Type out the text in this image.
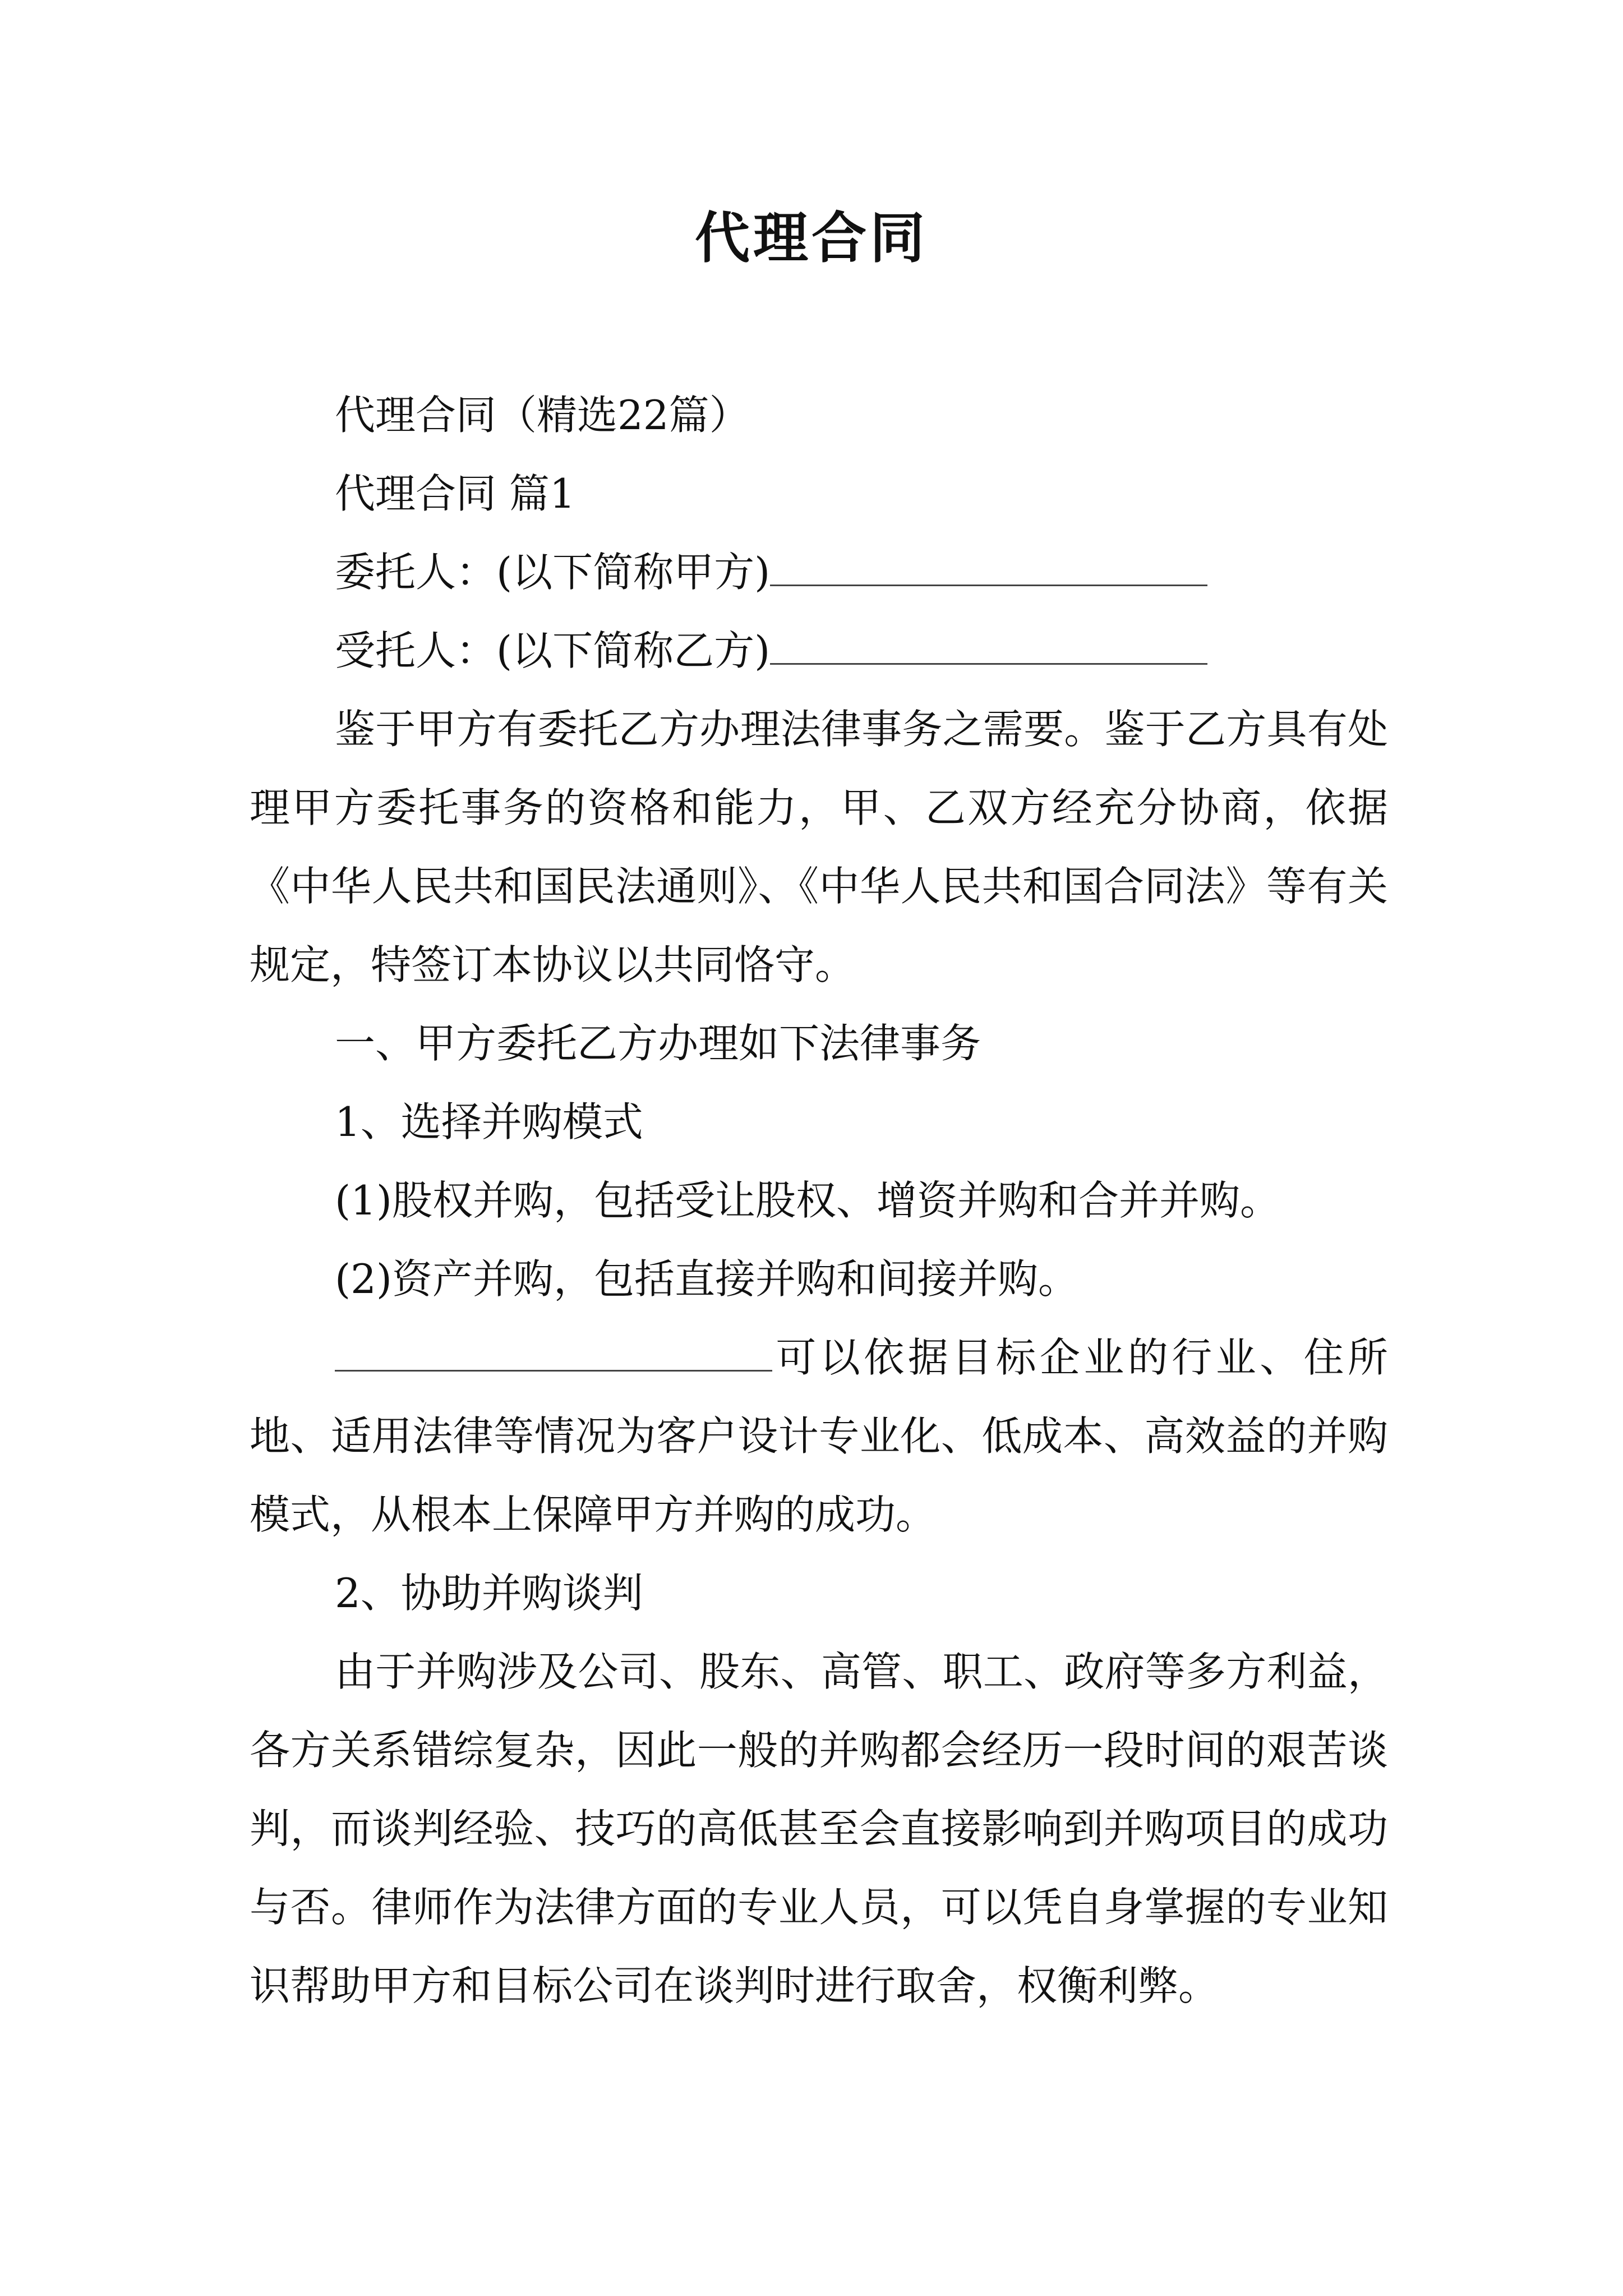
代理合同

代理合同（精选22篇）

代理合同 篇1

委托人：(以下简称甲方)

受托人：(以下简称乙方)

鉴于甲方有委托乙方办理法律事务之需要。鉴于乙方具有处理甲方委托事务的资格和能力，甲、乙双方经充分协商，依据《中华人民共和国民法通则》、《中华人民共和国合同法》等有关规定，特签订本协议以共同恪守。

一、甲方委托乙方办理如下法律事务

1、选择并购模式

(1)股权并购，包括受让股权、增资并购和合并并购。

(2)资产并购，包括直接并购和间接并购。

可以依据目标企业的行业、住所地、适用法律等情况为客户设计专业化、低成本、高效益的并购模式，从根本上保障甲方并购的成功。

2、协助并购谈判

由于并购涉及公司、股东、高管、职工、政府等多方利益，各方关系错综复杂，因此一般的并购都会经历一段时间的艰苦谈判，而谈判经验、技巧的高低甚至会直接影响到并购项目的成功与否。律师作为法律方面的专业人员，可以凭自身掌握的专业知识帮助甲方和目标公司在谈判时进行取舍，权衡利弊。
